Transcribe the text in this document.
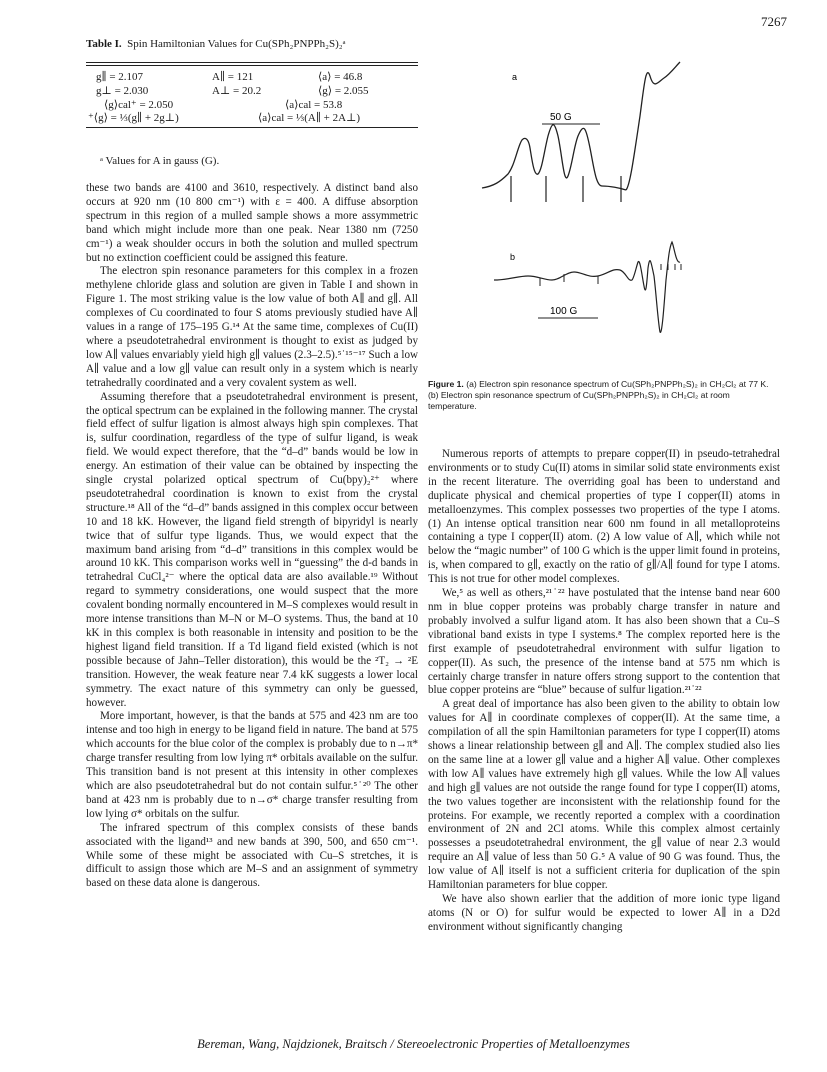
7267
Table I. Spin Hamiltonian Values for Cu(SPh₂PNPPh₂S)₂ᵃ
g∥ = 2.107	A∥ = 121	⟨a⟩ = 46.8
g⊥ = 2.030	A⊥ = 20.2	⟨g⟩ = 2.055
⟨g⟩cal⁺ = 2.050	⟨a⟩cal = 53.8
⁺⟨g⟩ = ⅓(g∥ + 2g⊥)	⟨a⟩cal = ⅓(A∥ + 2A⊥)
ᵃ Values for A in gauss (G).
a
50 G
b
100 G
Figure 1. (a) Electron spin resonance spectrum of Cu(SPh₂PNPPh₂S)₂ in CH₂Cl₂ at 77 K. (b) Electron spin resonance spectrum of Cu(SPh₂PNPPh₂S)₂ in CH₂Cl₂ at room temperature.

these two bands are 4100 and 3610, respectively. A distinct band also occurs at 920 nm (10 800 cm⁻¹) with ε = 400. A diffuse absorption spectrum in this region of a mulled sample shows a more assymmetric band which might include more than one peak. Near 1380 nm (7250 cm⁻¹) a weak shoulder occurs in both the solution and mulled spectrum but no extinction coefficient could be assigned this feature.

The electron spin resonance parameters for this complex in a frozen methylene chloride glass and solution are given in Table I and shown in Figure 1. The most striking value is the low value of both A∥ and g∥. All complexes of Cu coordinated to four S atoms previously studied have A∥ values in a range of 175–195 G.¹⁴ At the same time, complexes of Cu(II) where a pseudotetrahedral environment is thought to exist as judged by low A∥ values envariably yield high g∥ values (2.3–2.5).⁵˙¹⁵⁻¹⁷ Such a low A∥ value and a low g∥ value can result only in a system which is nearly tetrahedrally coordinated and a very covalent system as well.

Assuming therefore that a pseudotetrahedral environment is present, the optical spectrum can be explained in the following manner. The crystal field effect of sulfur ligation is almost always high spin complexes. That is, sulfur coordination, regardless of the type of sulfur ligand, is weak field. We would expect therefore, that the “d–d” bands would be low in energy. An estimation of their value can be obtained by inspecting the single crystal polarized optical spectrum of Cu(bpy)₂²⁺ where pseudotetrahedral coordination is known to exist from the crystal structure.¹⁸ All of the “d–d” bands assigned in this complex occur between 10 and 18 kK. However, the ligand field strength of bipyridyl is nearly twice that of sulfur type ligands. Thus, we would expect that the maximum band arising from “d–d” transitions in this complex would be around 10 kK. This comparison works well in “guessing” the d-d bands in tetrahedral CuCl₄²⁻ where the optical data are also available.¹⁹ Without regard to symmetry considerations, one would suspect that the more covalent bonding normally encountered in M–S complexes would result in more intense transitions than M–N or M–O systems. Thus, the band at 10 kK in this complex is both reasonable in intensity and position to be the highest ligand field transition. If a Td ligand field existed (which is not possible because of Jahn–Teller distoration), this would be the ²T₂ → ²E transition. However, the weak feature near 7.4 kK suggests a lower local symmetry. The exact nature of this symmetry can only be guessed, however.

More important, however, is that the bands at 575 and 423 nm are too intense and too high in energy to be ligand field in nature. The band at 575 which accounts for the blue color of the complex is probably due to n→π* charge transfer resulting from low lying π* orbitals available on the sulfur. This transition band is not present at this intensity in other complexes which are also pseudotetrahedral but do not contain sulfur.⁵˙²⁰ The other band at 423 nm is probably due to n→σ* charge transfer resulting from low lying σ* orbitals on the sulfur.

The infrared spectrum of this complex consists of these bands associated with the ligand¹³ and new bands at 390, 500, and 650 cm⁻¹. While some of these might be associated with Cu–S stretches, it is difficult to assign those which are M–S and an assignment of symmetry based on these data alone is dangerous.

Numerous reports of attempts to prepare copper(II) in pseudo-tetrahedral environments or to study Cu(II) atoms in similar solid state environments exist in the recent literature. The overriding goal has been to understand and duplicate physical and chemical properties of type I copper(II) atoms in metalloenzymes. This complex possesses two properties of the type I atoms. (1) An intense optical transition near 600 nm found in all metalloproteins containing a type I copper(II) atom. (2) A low value of A∥, which while not below the “magic number” of 100 G which is the upper limit found in proteins, is, when compared to g∥, exactly on the ratio of g∥/A∥ found for type I atoms. This is not true for other model complexes.

We,⁵ as well as others,²¹˙²² have postulated that the intense band near 600 nm in blue copper proteins was probably charge transfer in nature and probably involved a sulfur ligand atom. It has also been shown that a Cu–S vibrational band exists in type I systems.⁸ The complex reported here is the first example of pseudotetrahedral environment with sulfur ligation to copper(II). As such, the presence of the intense band at 575 nm which is certainly charge transfer in nature offers strong support to the contention that blue copper proteins are “blue” because of sulfur ligation.²¹˙²²

A great deal of importance has also been given to the ability to obtain low values for A∥ in coordinate complexes of copper(II). At the same time, a compilation of all the spin Hamiltonian parameters for type I copper(II) atoms shows a linear relationship between g∥ and A∥. The complex studied also lies on the same line at a lower g∥ value and a higher A∥ value. Other complexes with low A∥ values have extremely high g∥ values. While the low A∥ values and high g∥ values are not outside the range found for type I copper(II) atoms, the two values together are inconsistent with the relationship found for the proteins. For example, we recently reported a complex with a coordination environment of 2N and 2Cl atoms. While this complex almost certainly possesses a pseudotetrahedral environment, the g∥ value of near 2.3 would require an A∥ value of less than 50 G.⁵ A value of 90 G was found. Thus, the low value of A∥ itself is not a sufficient criteria for duplication of the spin Hamiltonian parameters for blue copper.

We have also shown earlier that the addition of more ionic type ligand atoms (N or O) for sulfur would be expected to lower A∥ in a D2d environment without significantly changing

Bereman, Wang, Najdzionek, Braitsch / Stereoelectronic Properties of Metalloenzymes
